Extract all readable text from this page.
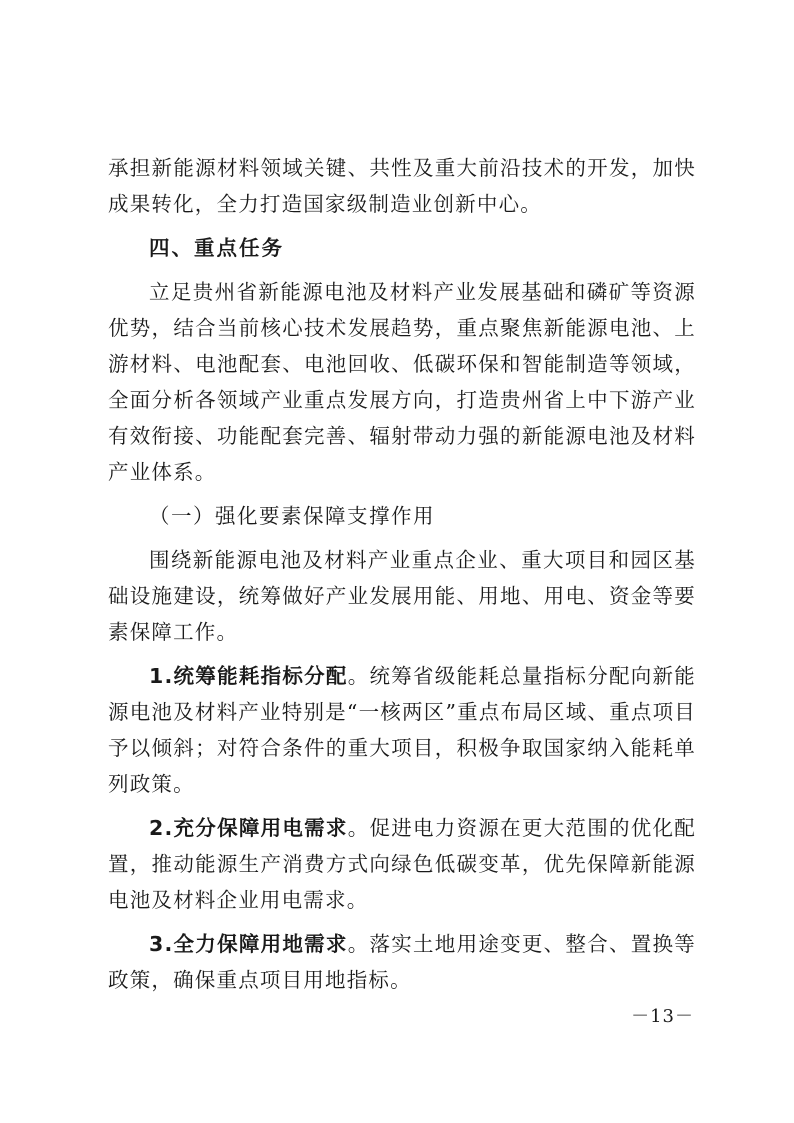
承担新能源材料领域关键、共性及重大前沿技术的开发，加快成果转化，全力打造国家级制造业创新中心。

四、重点任务

立足贵州省新能源电池及材料产业发展基础和磷矿等资源优势，结合当前核心技术发展趋势，重点聚焦新能源电池、上游材料、电池配套、电池回收、低碳环保和智能制造等领域，全面分析各领域产业重点发展方向，打造贵州省上中下游产业有效衔接、功能配套完善、辐射带动力强的新能源电池及材料产业体系。

（一）强化要素保障支撑作用

围绕新能源电池及材料产业重点企业、重大项目和园区基础设施建设，统筹做好产业发展用能、用地、用电、资金等要素保障工作。

1.统筹能耗指标分配。统筹省级能耗总量指标分配向新能源电池及材料产业特别是“一核两区”重点布局区域、重点项目予以倾斜；对符合条件的重大项目，积极争取国家纳入能耗单列政策。

2.充分保障用电需求。促进电力资源在更大范围的优化配置，推动能源生产消费方式向绿色低碳变革，优先保障新能源电池及材料企业用电需求。

3.全力保障用地需求。落实土地用途变更、整合、置换等政策，确保重点项目用地指标。

－13－
